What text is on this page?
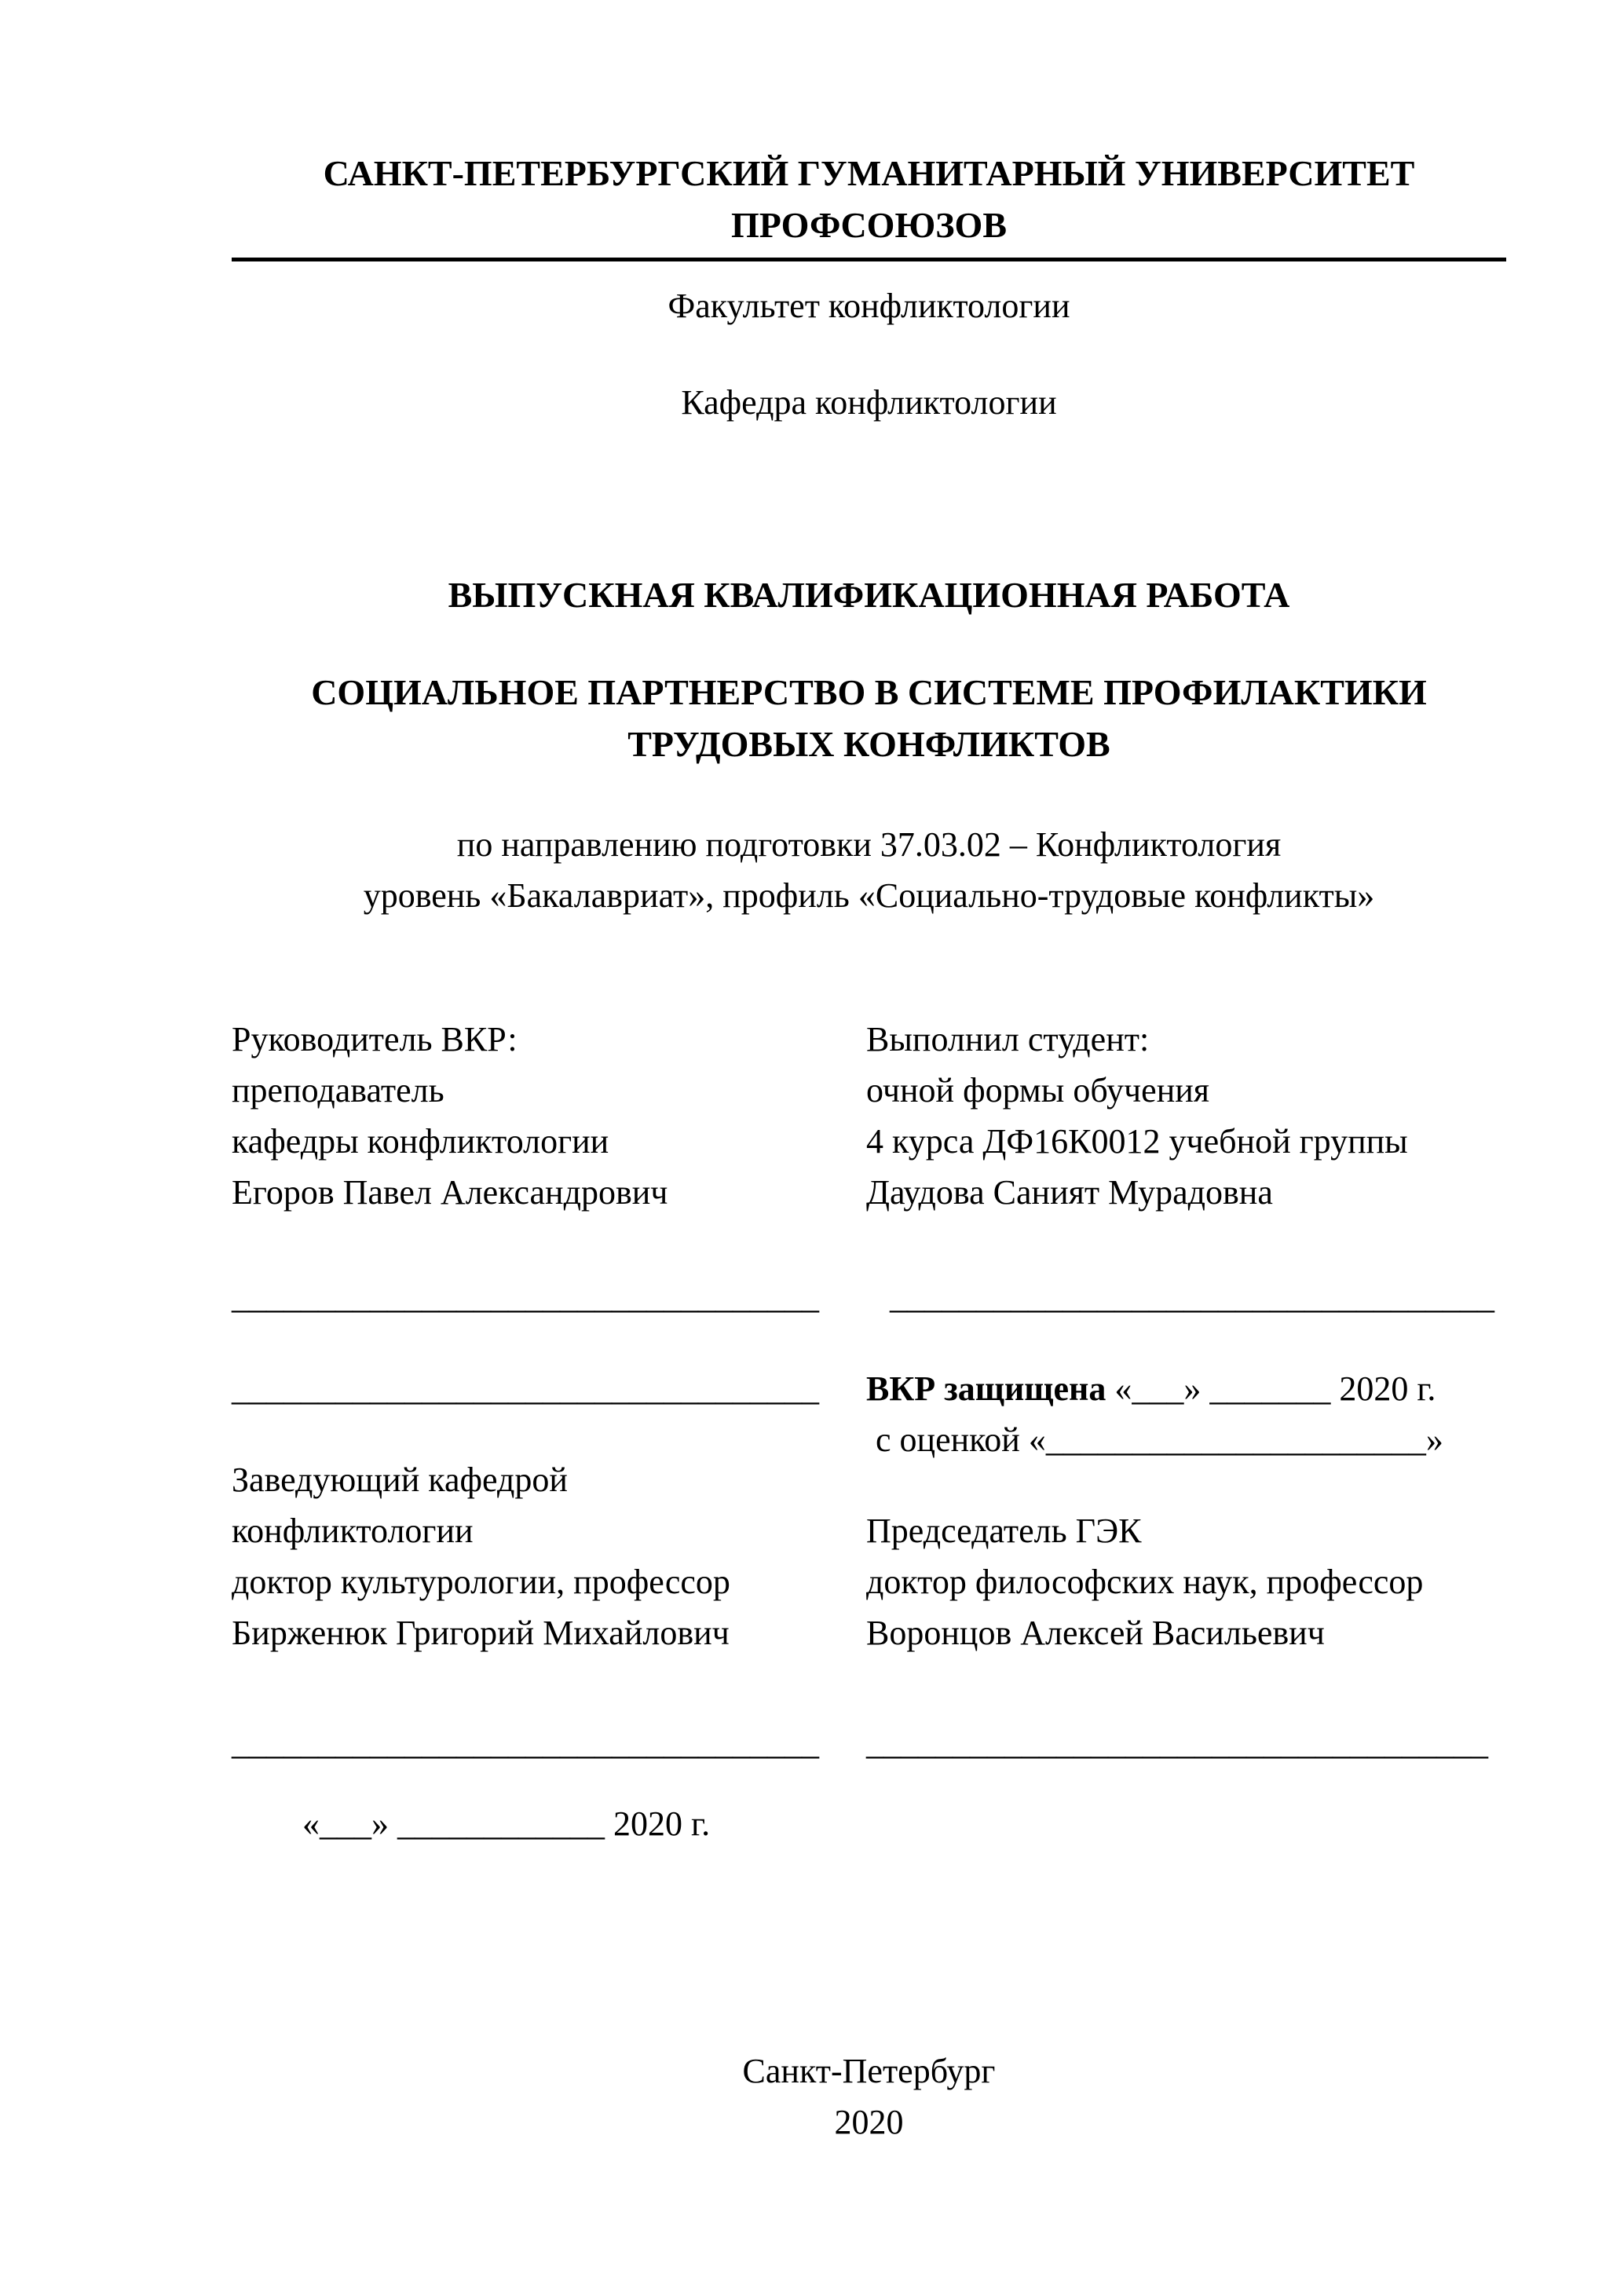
САНКТ-ПЕТЕРБУРГСКИЙ ГУМАНИТАРНЫЙ УНИВЕРСИТЕТ
ПРОФСОЮЗОВ
Факультет конфликтологии
Кафедра конфликтологии
ВЫПУСКНАЯ КВАЛИФИКАЦИОННАЯ РАБОТА
СОЦИАЛЬНОЕ ПАРТНЕРСТВО В СИСТЕМЕ ПРОФИЛАКТИКИ
ТРУДОВЫХ КОНФЛИКТОВ
по направлению подготовки 37.03.02 – Конфликтология
уровень «Бакалавриат», профиль «Социально-трудовые конфликты»
Руководитель ВКР:
преподаватель
кафедры конфликтологии
Егоров Павел Александрович
__________________________________
__________________________________
Заведующий кафедрой
конфликтологии
доктор культурологии, профессор
Бирженюк Григорий Михайлович
__________________________________
«___» ____________ 2020 г.
Выполнил студент:
очной формы обучения
4 курса ДФ16К0012 учебной группы
Даудова Саният Мурадовна
___________________________________
ВКР защищена «___» _______ 2020 г.
с оценкой «______________________»
Председатель ГЭК
доктор философских наук, профессор
Воронцов Алексей Васильевич
____________________________________
Санкт-Петербург
2020
